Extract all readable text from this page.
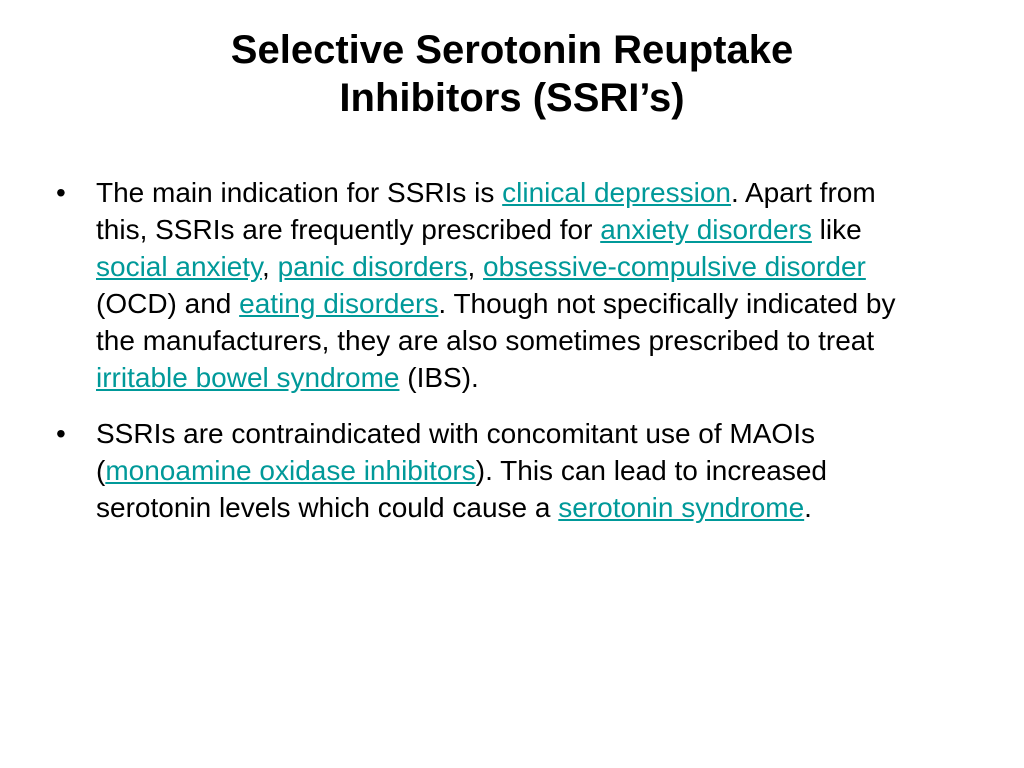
Selective Serotonin Reuptake
Inhibitors (SSRI’s)
• The main indication for SSRIs is clinical depression. Apart from this, SSRIs are frequently prescribed for anxiety disorders like social anxiety, panic disorders, obsessive-compulsive disorder (OCD) and eating disorders. Though not specifically indicated by the manufacturers, they are also sometimes prescribed to treat irritable bowel syndrome (IBS).
• SSRIs are contraindicated with concomitant use of MAOIs (monoamine oxidase inhibitors). This can lead to increased serotonin levels which could cause a serotonin syndrome.
